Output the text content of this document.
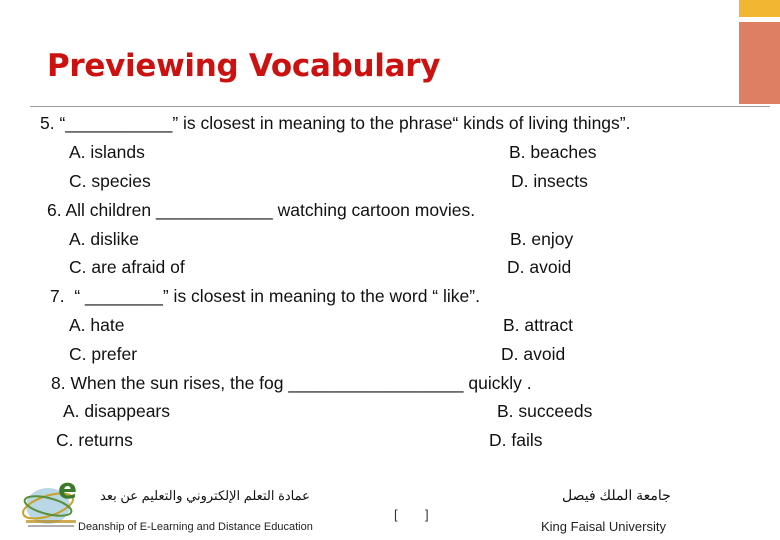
Previewing Vocabulary
5. “___________” is closest in meaning to the phrase“ kinds of living things”.
A. islands	B. beaches
C. species	D. insects
6. All children ____________ watching cartoon movies.
A. dislike	B. enjoy
C. are afraid of	D. avoid
7.  “ ________” is closest in meaning to the word “ like”.
A. hate	B. attract
C. prefer	D. avoid
8. When the sun rises, the fog __________________ quickly .
A. disappears	B. succeeds
C. returns	D. fails
e عمادة التعلم الإلكتروني والتعليم عن بعد
Deanship of E-Learning and Distance Education
[ ]
جامعة الملك فيصل
King Faisal University
